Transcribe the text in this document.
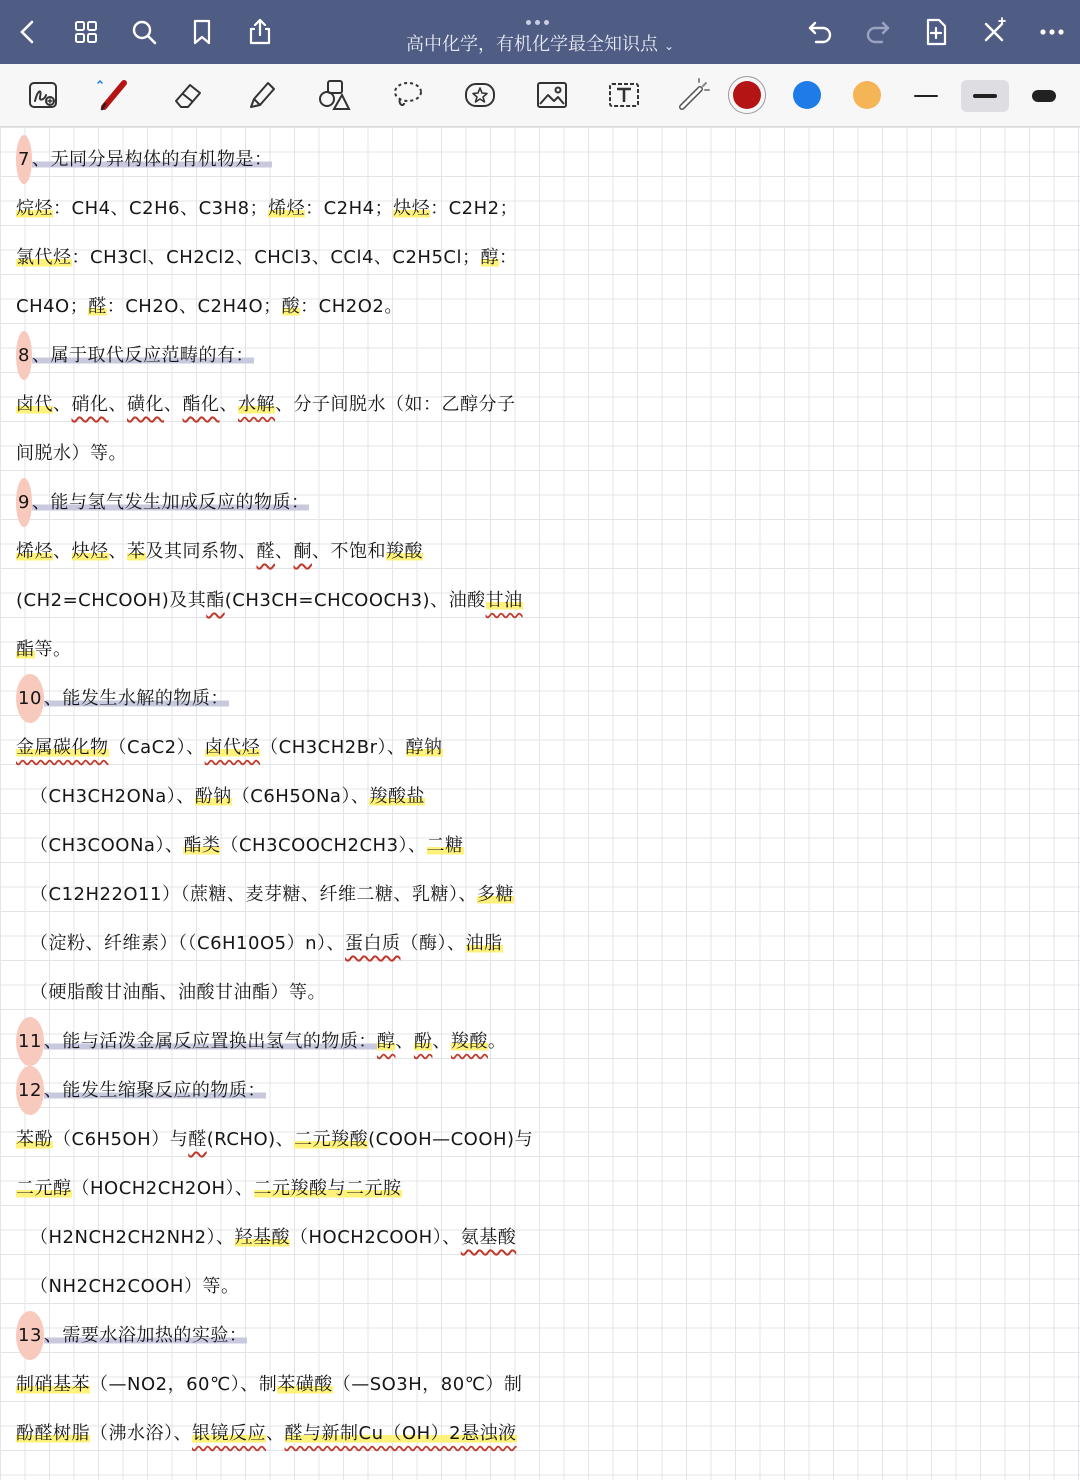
高中化学，有机化学最全知识点 ⌄
7 、无同分异构体的有机物是：
烷烃：CH4、C2H6、C3H8；烯烃：C2H4；炔烃：C2H2；
氯代烃：CH3Cl、CH2Cl2、CHCl3、CCl4、C2H5Cl；醇：
CH4O；醛：CH2O、C2H4O；酸：CH2O2。
8 、属于取代反应范畴的有：
卤代、硝化、磺化、酯化、水解、分子间脱水（如：乙醇分子
间脱水）等。
9 、能与氢气发生加成反应的物质：
烯烃、炔烃、苯及其同系物、醛、酮、不饱和羧酸
(CH2=CHCOOH)及其酯(CH3CH=CHCOOCH3)、油酸甘油
酯等。
10 、能发生水解的物质：
金属碳化物（CaC2）、卤代烃（CH3CH2Br）、醇钠
（CH3CH2ONa）、酚钠（C6H5ONa）、羧酸盐
（CH3COONa）、酯类（CH3COOCH2CH3）、二糖
（C12H22O11）（蔗糖、麦芽糖、纤维二糖、乳糖）、多糖
（淀粉、纤维素）（（C6H10O5）n）、蛋白质（酶）、油脂
（硬脂酸甘油酯、油酸甘油酯）等。
11 、能与活泼金属反应置换出氢气的物质：醇、酚、羧酸。
12 、能发生缩聚反应的物质：
苯酚（C6H5OH）与醛(RCHO)、二元羧酸(COOH—COOH)与
二元醇（HOCH2CH2OH）、二元羧酸与二元胺
（H2NCH2CH2NH2）、羟基酸（HOCH2COOH）、氨基酸
（NH2CH2COOH）等。
13 、需要水浴加热的实验：
制硝基苯（—NO2，60℃）、制苯磺酸（—SO3H，80℃）制
酚醛树脂（沸水浴）、银镜反应、醛与新制Cu（OH）2悬浊液
